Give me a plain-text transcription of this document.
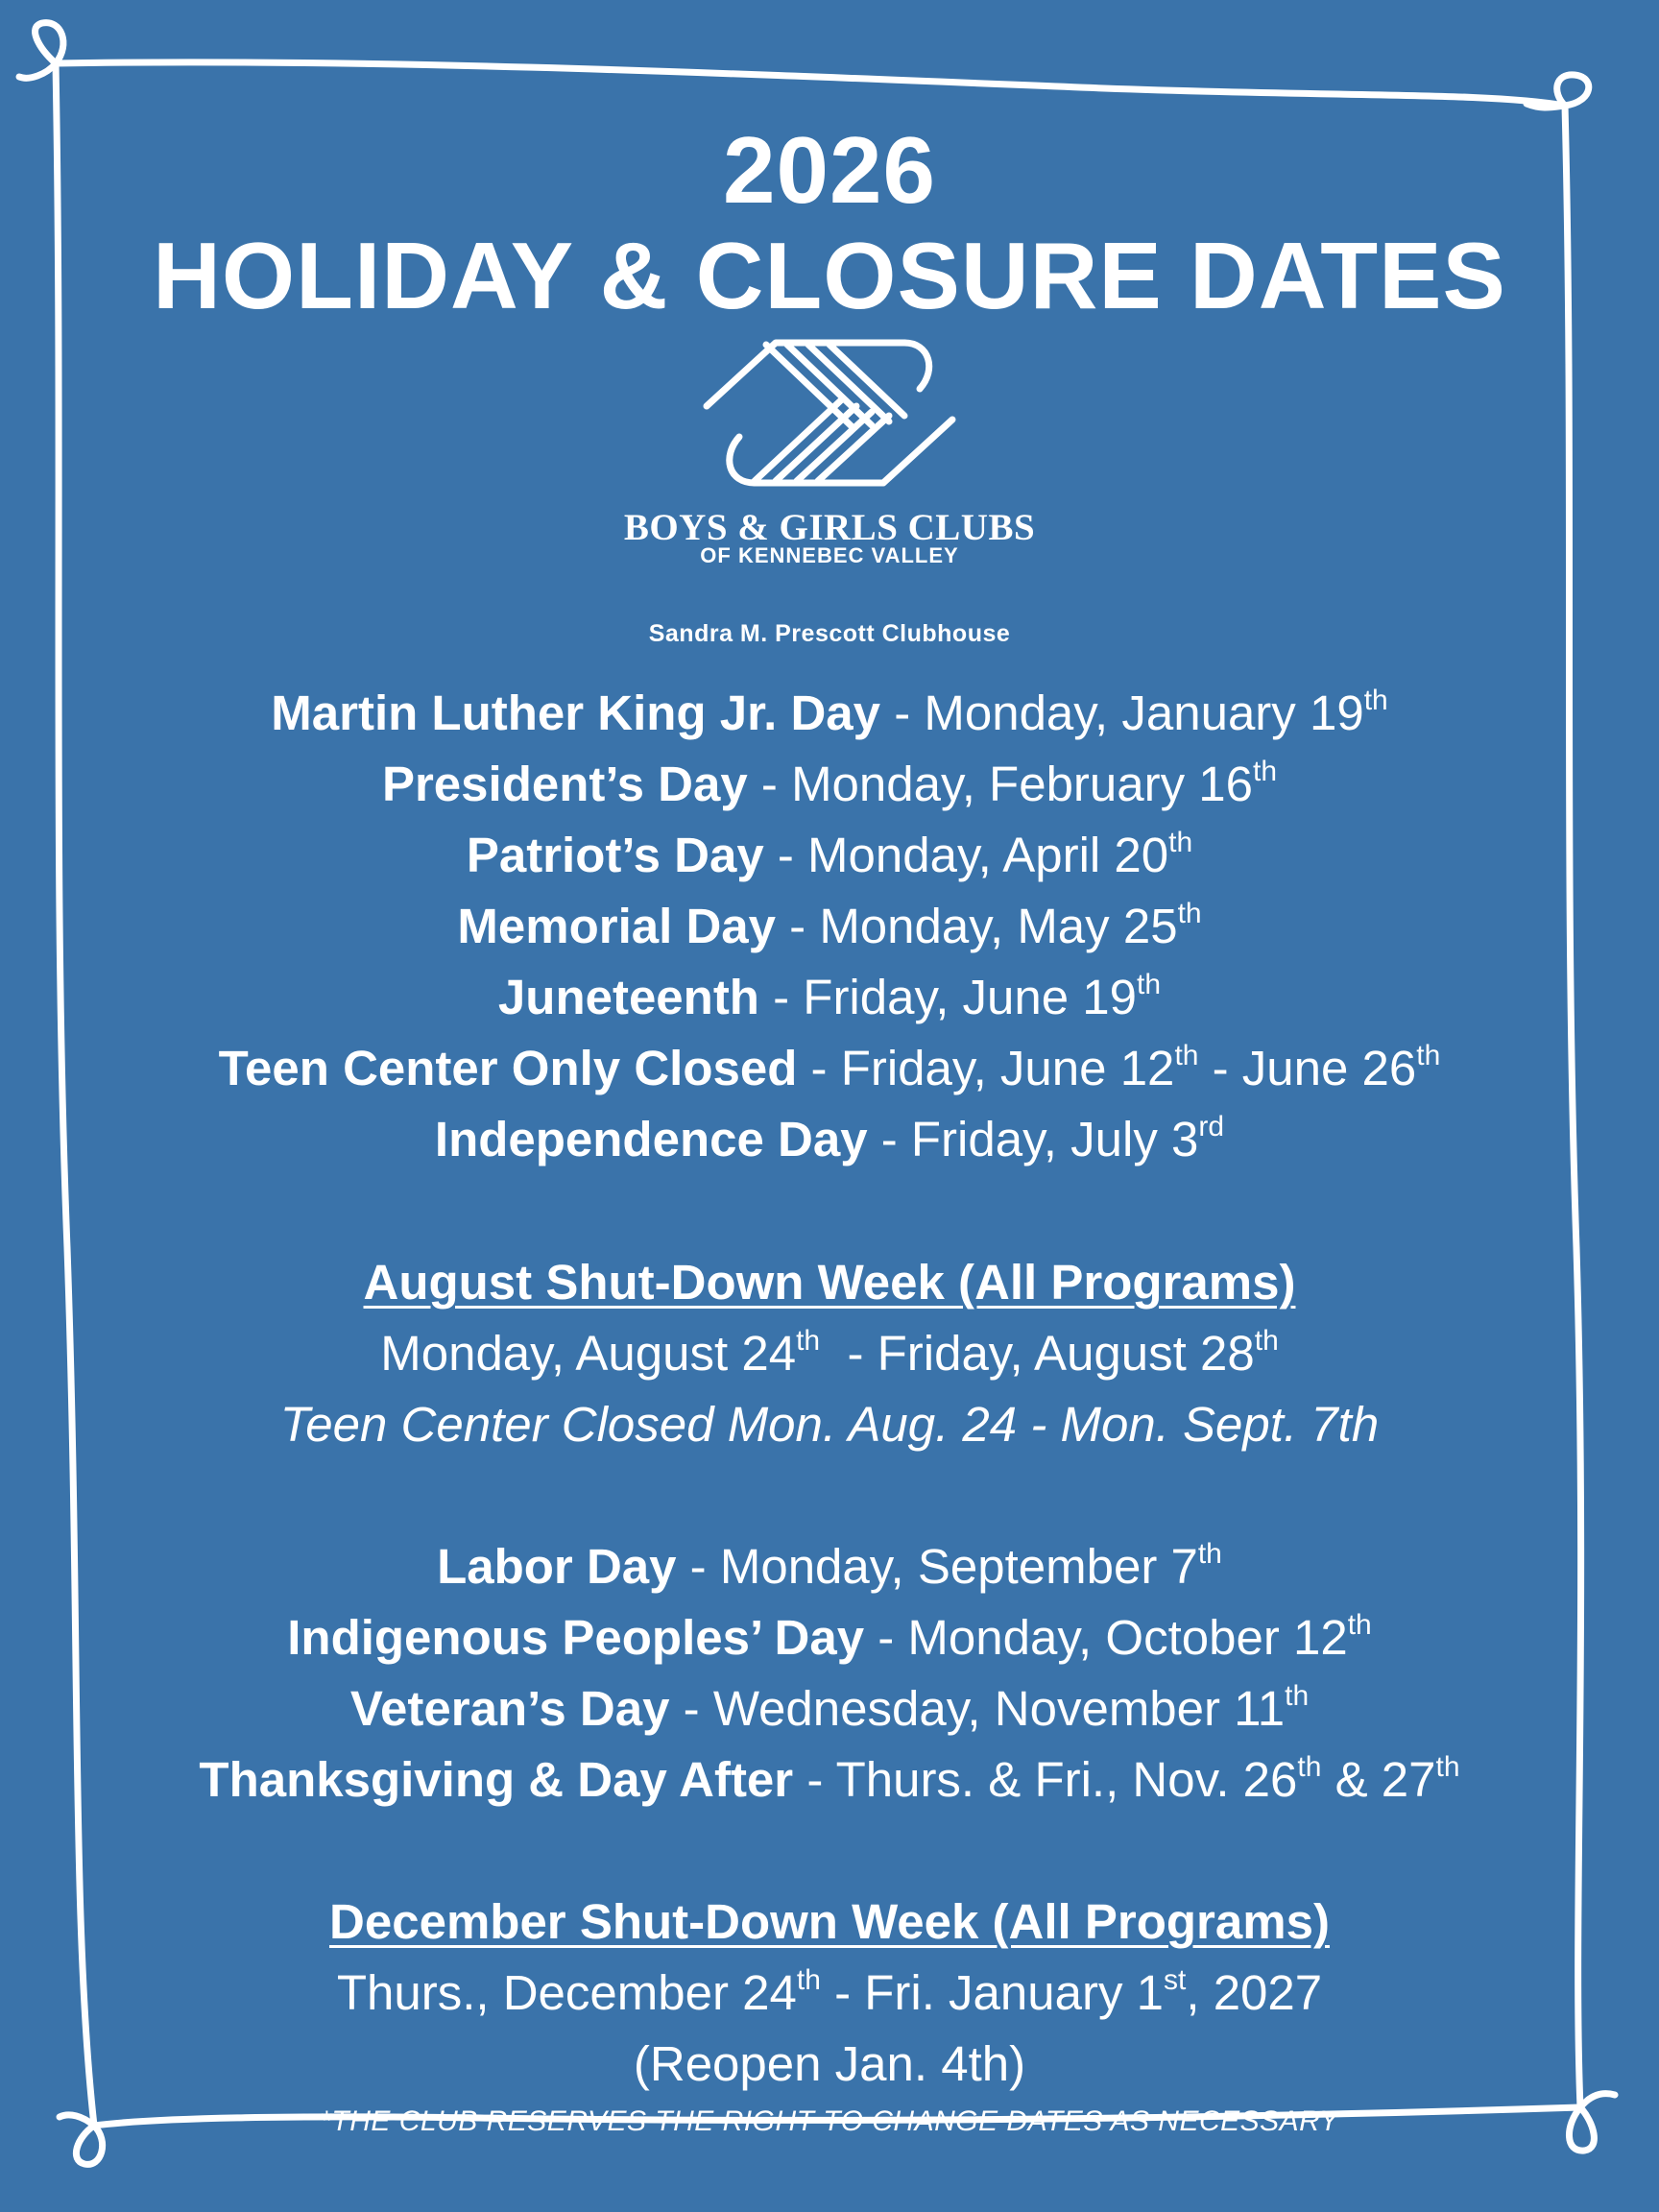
2026
HOLIDAY & CLOSURE DATES
BOYS & GIRLS CLUBS
OF KENNEBEC VALLEY
Sandra M. Prescott Clubhouse
Martin Luther King Jr. Day - Monday, January 19th
President’s Day - Monday, February 16th
Patriot’s Day - Monday, April 20th
Memorial Day - Monday, May 25th
Juneteenth - Friday, June 19th
Teen Center Only Closed - Friday, June 12th - June 26th
Independence Day - Friday, July 3rd
August Shut-Down Week (All Programs)
Monday, August 24th  - Friday, August 28th
Teen Center Closed Mon. Aug. 24 - Mon. Sept. 7th
Labor Day - Monday, September 7th
Indigenous Peoples’ Day - Monday, October 12th
Veteran’s Day - Wednesday, November 11th
Thanksgiving & Day After - Thurs. & Fri., Nov. 26th & 27th
December Shut-Down Week (All Programs)
Thurs., December 24th - Fri. January 1st, 2027
(Reopen Jan. 4th)
*THE CLUB RESERVES THE RIGHT TO CHANGE DATES AS NECESSARY
